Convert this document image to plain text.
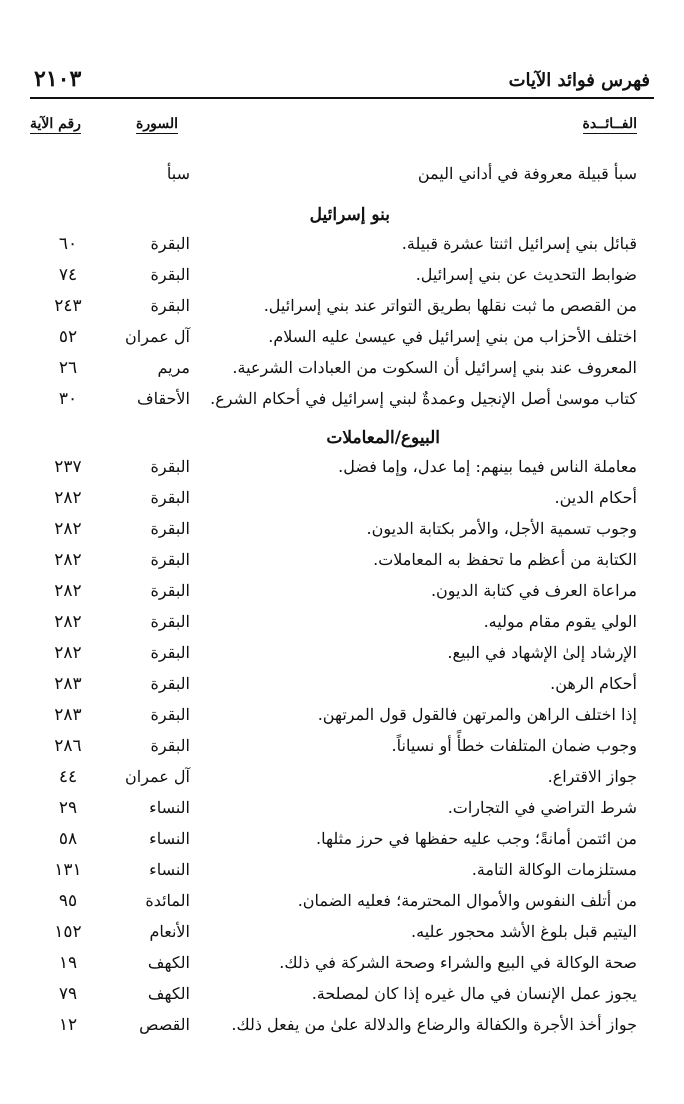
فهرس فوائد الآيات
٢١٠٣
الفــائــدة
السورة
رقم الآية
سبأ قبيلة معروفة في أداني اليمن
سبأ
بنو إسرائيل
قبائل بني إسرائيل اثنتا عشرة قبيلة.
البقرة
٦٠
ضوابط التحديث عن بني إسرائيل.
البقرة
٧٤
من القصص ما ثبت نقلها بطريق التواتر عند بني إسرائيل.
البقرة
٢٤٣
اختلف الأحزاب من بني إسرائيل في عيسىٰ عليه السلام.
آل عمران
٥٢
المعروف عند بني إسرائيل أن السكوت من العبادات الشرعية.
مريم
٢٦
كتاب موسىٰ أصل الإنجيل وعمدةٌ لبني إسرائيل في أحكام الشرع.
الأحقاف
٣٠
البيوع/المعاملات
معاملة الناس فيما بينهم: إما عدل، وإما فضل.
البقرة
٢٣٧
أحكام الدين.
البقرة
٢٨٢
وجوب تسمية الأجل، والأمر بكتابة الديون.
البقرة
٢٨٢
الكتابة من أعظم ما تحفظ به المعاملات.
البقرة
٢٨٢
مراعاة العرف في كتابة الديون.
البقرة
٢٨٢
الولي يقوم مقام موليه.
البقرة
٢٨٢
الإرشاد إلىٰ الإشهاد في البيع.
البقرة
٢٨٢
أحكام الرهن.
البقرة
٢٨٣
إذا اختلف الراهن والمرتهن فالقول قول المرتهن.
البقرة
٢٨٣
وجوب ضمان المتلفات خطأً أو نسياناً.
البقرة
٢٨٦
جواز الاقتراع.
آل عمران
٤٤
شرط التراضي في التجارات.
النساء
٢٩
من ائتمن أمانةً؛ وجب عليه حفظها في حرز مثلها.
النساء
٥٨
مستلزمات الوكالة التامة.
النساء
١٣١
من أتلف النفوس والأموال المحترمة؛ فعليه الضمان.
المائدة
٩٥
اليتيم قبل بلوغ الأشد محجور عليه.
الأنعام
١٥٢
صحة الوكالة في البيع والشراء وصحة الشركة في ذلك.
الكهف
١٩
يجوز عمل الإنسان في مال غيره إذا كان لمصلحة.
الكهف
٧٩
جواز أخذ الأجرة والكفالة والرضاع والدلالة علىٰ من يفعل ذلك.
القصص
١٢
